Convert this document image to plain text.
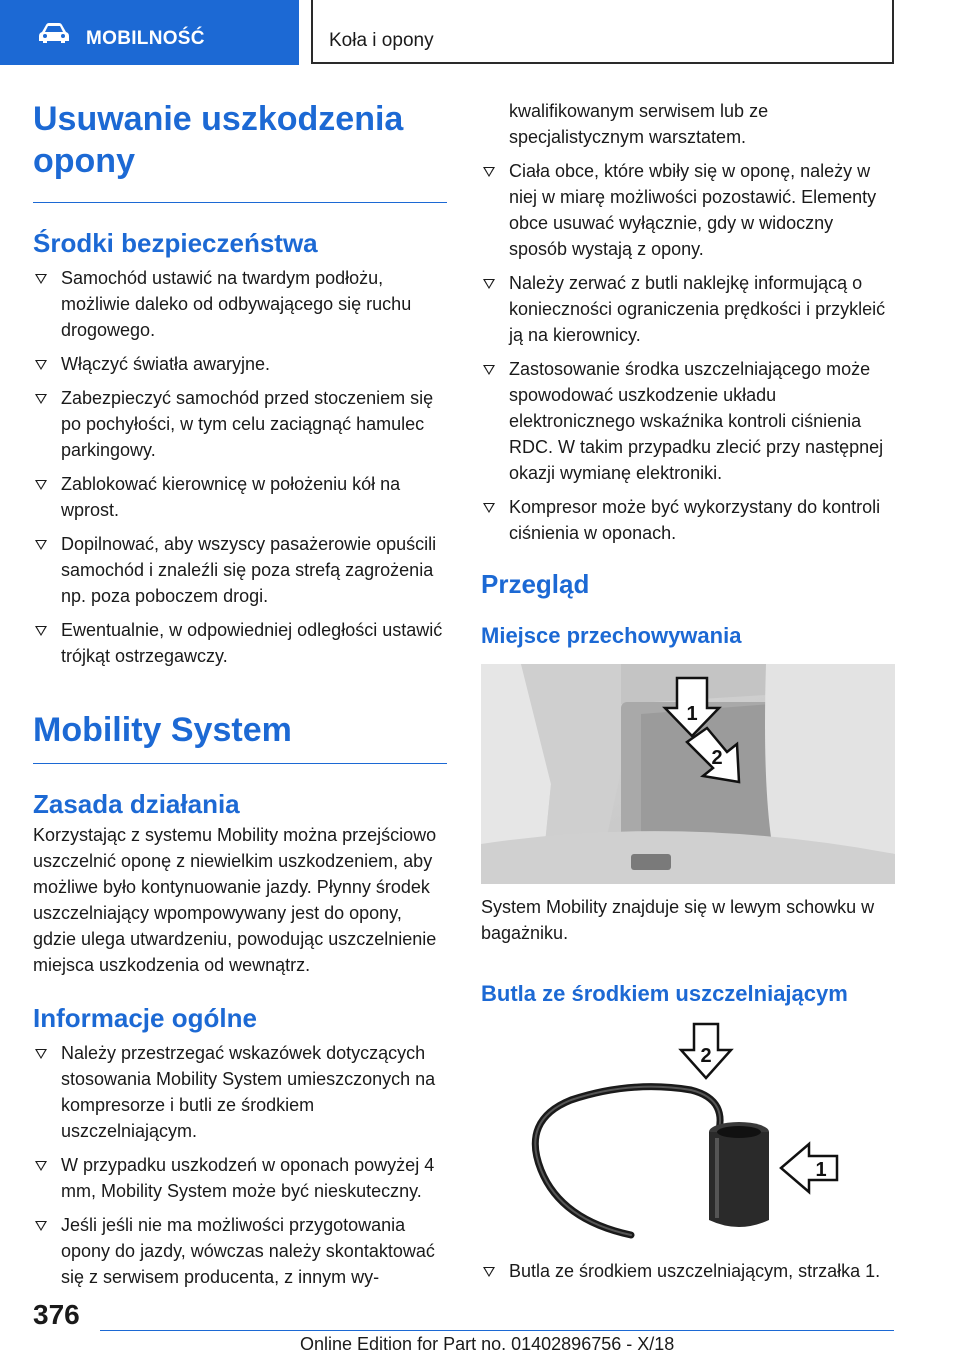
MOBILNOŚĆ	Koła i opony
Usuwanie uszkodzenia opony
Środki bezpieczeństwa
Samochód ustawić na twardym podłożu, możliwie daleko od odbywającego się ruchu drogowego.
Włączyć światła awaryjne.
Zabezpieczyć samochód przed stoczeniem się po pochyłości, w tym celu zaciągnąć hamulec parkingowy.
Zablokować kierownicę w położeniu kół na wprost.
Dopilnować, aby wszyscy pasażerowie opuścili samochód i znaleźli się poza strefą zagrożenia np. poza poboczem drogi.
Ewentualnie, w odpowiedniej odległości ustawić trójkąt ostrzegawczy.
Mobility System
Zasada działania

Korzystając z systemu Mobility można przejściowo uszczelnić oponę z niewielkim uszkodzeniem, aby możliwe było kontynuowanie jazdy. Płynny środek uszczelniający wpompowywany jest do opony, gdzie ulega utwardzeniu, powodując uszczelnienie miejsca uszkodzenia od wewnątrz.

Informacje ogólne
Należy przestrzegać wskazówek dotyczących stosowania Mobility System umieszczonych na kompresorze i butli ze środkiem uszczelniającym.
W przypadku uszkodzeń w oponach powyżej 4 mm, Mobility System może być nieskuteczny.
Jeśli jeśli nie ma możliwości przygotowania opony do jazdy, wówczas należy skontaktować się z serwisem producenta, z innym wy-
kwalifikowanym serwisem lub ze specjalistycznym warsztatem.
Ciała obce, które wbiły się w oponę, należy w niej w miarę możliwości pozostawić. Elementy obce usuwać wyłącznie, gdy w widoczny sposób wystają z opony.
Należy zerwać z butli naklejkę informującą o konieczności ograniczenia prędkości i przykleić ją na kierownicy.
Zastosowanie środka uszczelniającego może spowodować uszkodzenie układu elektronicznego wskaźnika kontroli ciśnienia RDC. W takim przypadku zlecić przy następnej okazji wymianę elektroniki.
Kompresor może być wykorzystany do kontroli ciśnienia w oponach.
Przegląd
Miejsce przechowywania
1
2

System Mobility znajduje się w lewym schowku w bagażniku.

Butla ze środkiem uszczelniającym
2
1
Butla ze środkiem uszczelniającym, strzałka 1.
376
Online Edition for Part no. 01402896756 - X/18
